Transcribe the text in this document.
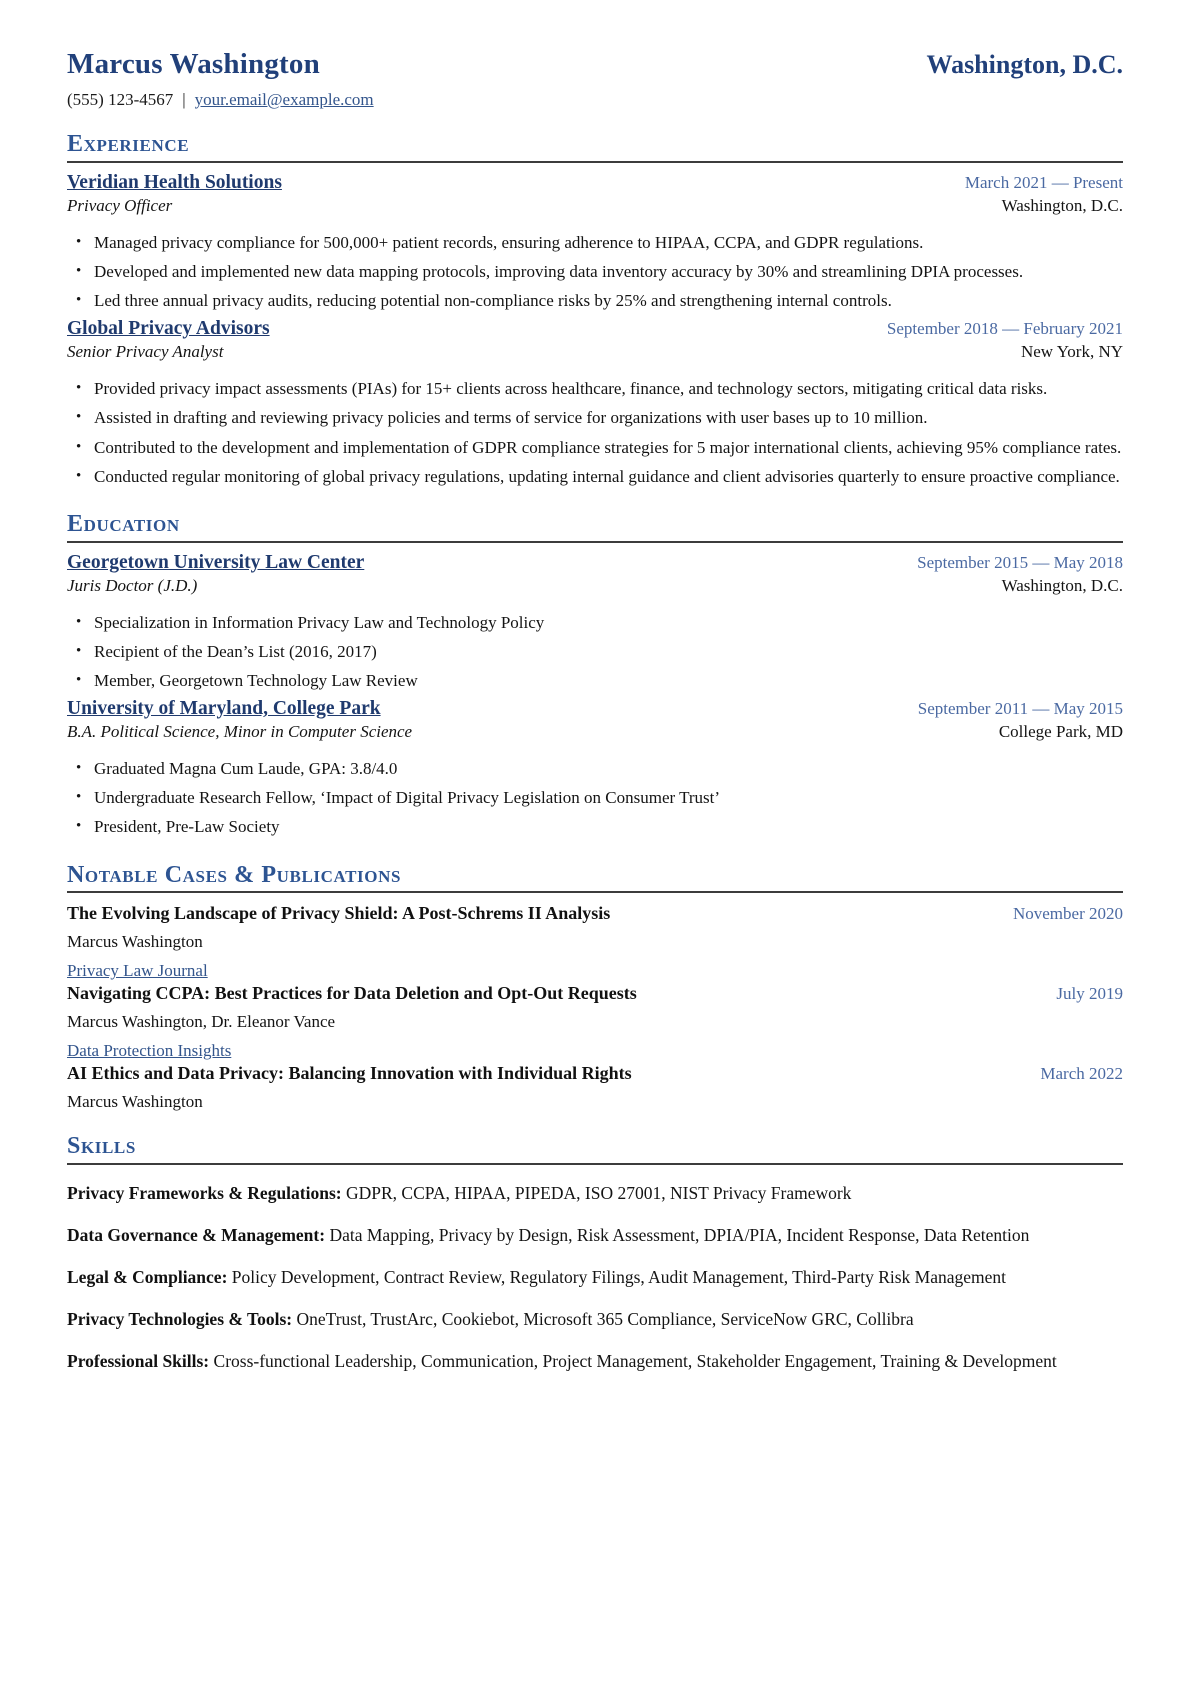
Marcus Washington	Washington, D.C.
(555) 123-4567 | your.email@example.com
Experience
Veridian Health Solutions	March 2021 — Present
Privacy Officer	Washington, D.C.
• Managed privacy compliance for 500,000+ patient records, ensuring adherence to HIPAA, CCPA, and GDPR regulations.
• Developed and implemented new data mapping protocols, improving data inventory accuracy by 30% and streamlining DPIA processes.
• Led three annual privacy audits, reducing potential non-compliance risks by 25% and strengthening internal controls.
Global Privacy Advisors	September 2018 — February 2021
Senior Privacy Analyst	New York, NY
• Provided privacy impact assessments (PIAs) for 15+ clients across healthcare, finance, and technology sectors, mitigating critical data risks.
• Assisted in drafting and reviewing privacy policies and terms of service for organizations with user bases up to 10 million.
• Contributed to the development and implementation of GDPR compliance strategies for 5 major international clients, achieving 95% compliance rates.
• Conducted regular monitoring of global privacy regulations, updating internal guidance and client advisories quarterly to ensure proactive compliance.
Education
Georgetown University Law Center	September 2015 — May 2018
Juris Doctor (J.D.)	Washington, D.C.
• Specialization in Information Privacy Law and Technology Policy
• Recipient of the Dean’s List (2016, 2017)
• Member, Georgetown Technology Law Review
University of Maryland, College Park	September 2011 — May 2015
B.A. Political Science, Minor in Computer Science	College Park, MD
• Graduated Magna Cum Laude, GPA: 3.8/4.0
• Undergraduate Research Fellow, ‘Impact of Digital Privacy Legislation on Consumer Trust’
• President, Pre-Law Society
Notable Cases & Publications
The Evolving Landscape of Privacy Shield: A Post-Schrems II Analysis	November 2020
Marcus Washington
Privacy Law Journal
Navigating CCPA: Best Practices for Data Deletion and Opt-Out Requests	July 2019
Marcus Washington, Dr. Eleanor Vance
Data Protection Insights
AI Ethics and Data Privacy: Balancing Innovation with Individual Rights	March 2022
Marcus Washington
Skills

Privacy Frameworks & Regulations: GDPR, CCPA, HIPAA, PIPEDA, ISO 27001, NIST Privacy Framework

Data Governance & Management: Data Mapping, Privacy by Design, Risk Assessment, DPIA/PIA, Incident Response, Data Retention

Legal & Compliance: Policy Development, Contract Review, Regulatory Filings, Audit Management, Third-Party Risk Management

Privacy Technologies & Tools: OneTrust, TrustArc, Cookiebot, Microsoft 365 Compliance, ServiceNow GRC, Collibra

Professional Skills: Cross-functional Leadership, Communication, Project Management, Stakeholder Engagement, Training & Development
